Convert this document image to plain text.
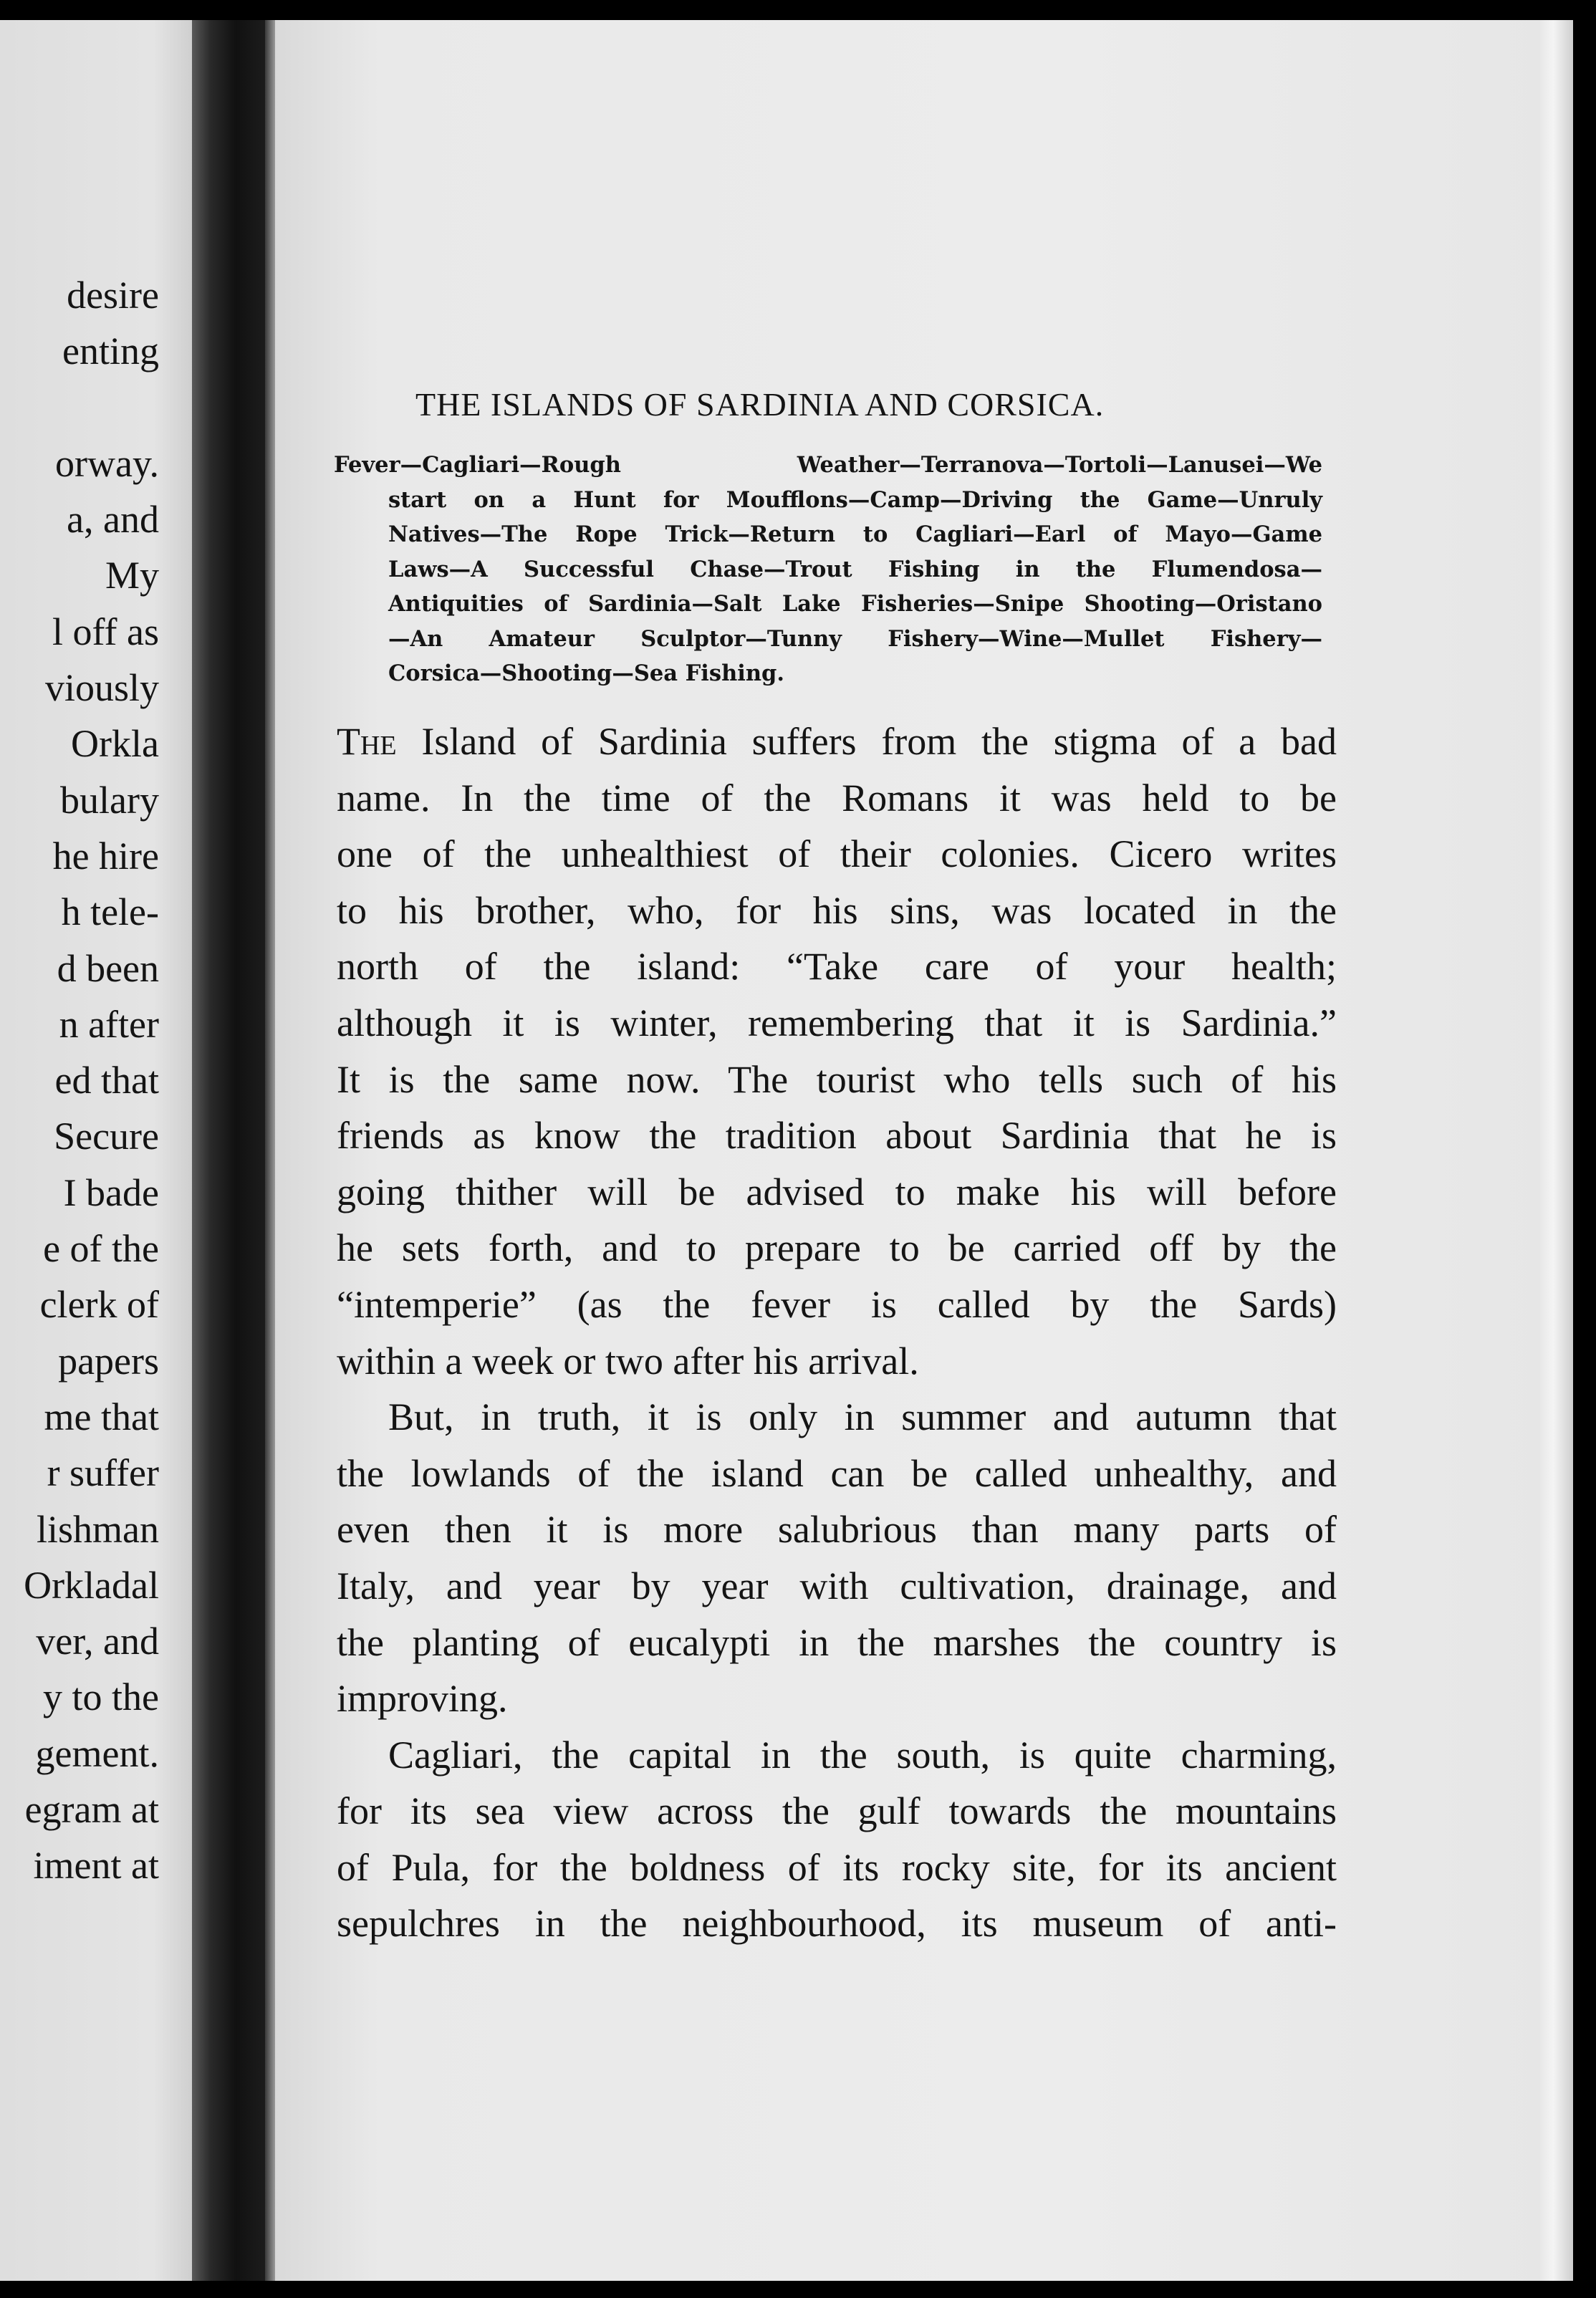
desire
enting
orway.
a, and
My
l off as
viously
Orkla
bulary
he hire
h tele-
d been
n after
ed that
Secure
I bade
e of the
clerk of
papers
me that
r suffer
lishman
Orkladal
ver, and
y to the
gement.
egram at
iment at
THE ISLANDS OF SARDINIA AND CORSICA.
Fever—Cagliari—Rough Weather—Terranova—Tortoli—Lanusei—We
start on a Hunt for Moufflons—Camp—Driving the Game—Unruly
Natives—The Rope Trick—Return to Cagliari—Earl of Mayo—Game
Laws—A Successful Chase—Trout Fishing in the Flumendosa—
Antiquities of Sardinia—Salt Lake Fisheries—Snipe Shooting—Oristano
—An Amateur Sculptor—Tunny Fishery—Wine—Mullet Fishery—
Corsica—Shooting—Sea Fishing.
The Island of Sardinia suffers from the stigma of a bad
name. In the time of the Romans it was held to be
one of the unhealthiest of their colonies. Cicero writes
to his brother, who, for his sins, was located in the
north of the island: “Take care of your health;
although it is winter, remembering that it is Sardinia.”
It is the same now. The tourist who tells such of his
friends as know the tradition about Sardinia that he is
going thither will be advised to make his will before
he sets forth, and to prepare to be carried off by the
“intemperie” (as the fever is called by the Sards)
within a week or two after his arrival.
But, in truth, it is only in summer and autumn that
the lowlands of the island can be called unhealthy, and
even then it is more salubrious than many parts of
Italy, and year by year with cultivation, drainage, and
the planting of eucalypti in the marshes the country is
improving.
Cagliari, the capital in the south, is quite charming,
for its sea view across the gulf towards the mountains
of Pula, for the boldness of its rocky site, for its ancient
sepulchres in the neighbourhood, its museum of anti-
